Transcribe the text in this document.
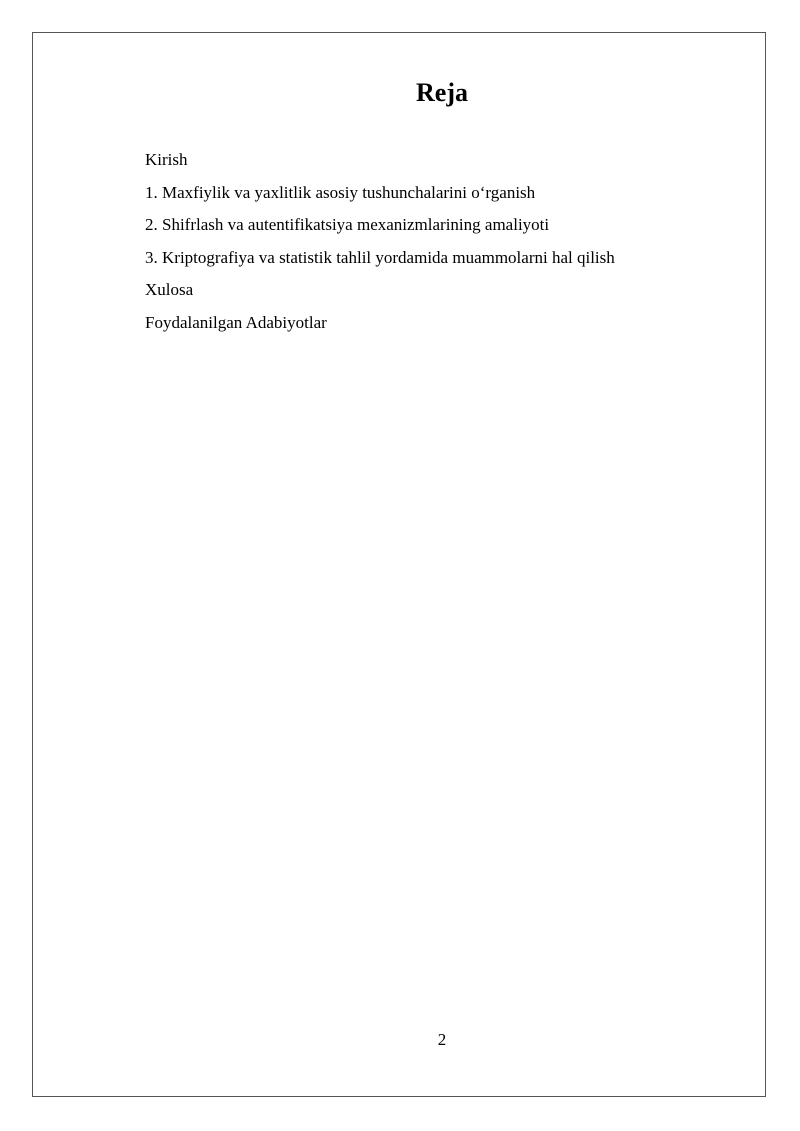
Reja
Kirish
1. Maxfiylik va yaxlitlik asosiy tushunchalarini o‘rganish
2. Shifrlash va autentifikatsiya mexanizmlarining amaliyoti
3. Kriptografiya va statistik tahlil yordamida muammolarni hal qilish
Xulosa
Foydalanilgan Adabiyotlar
2
